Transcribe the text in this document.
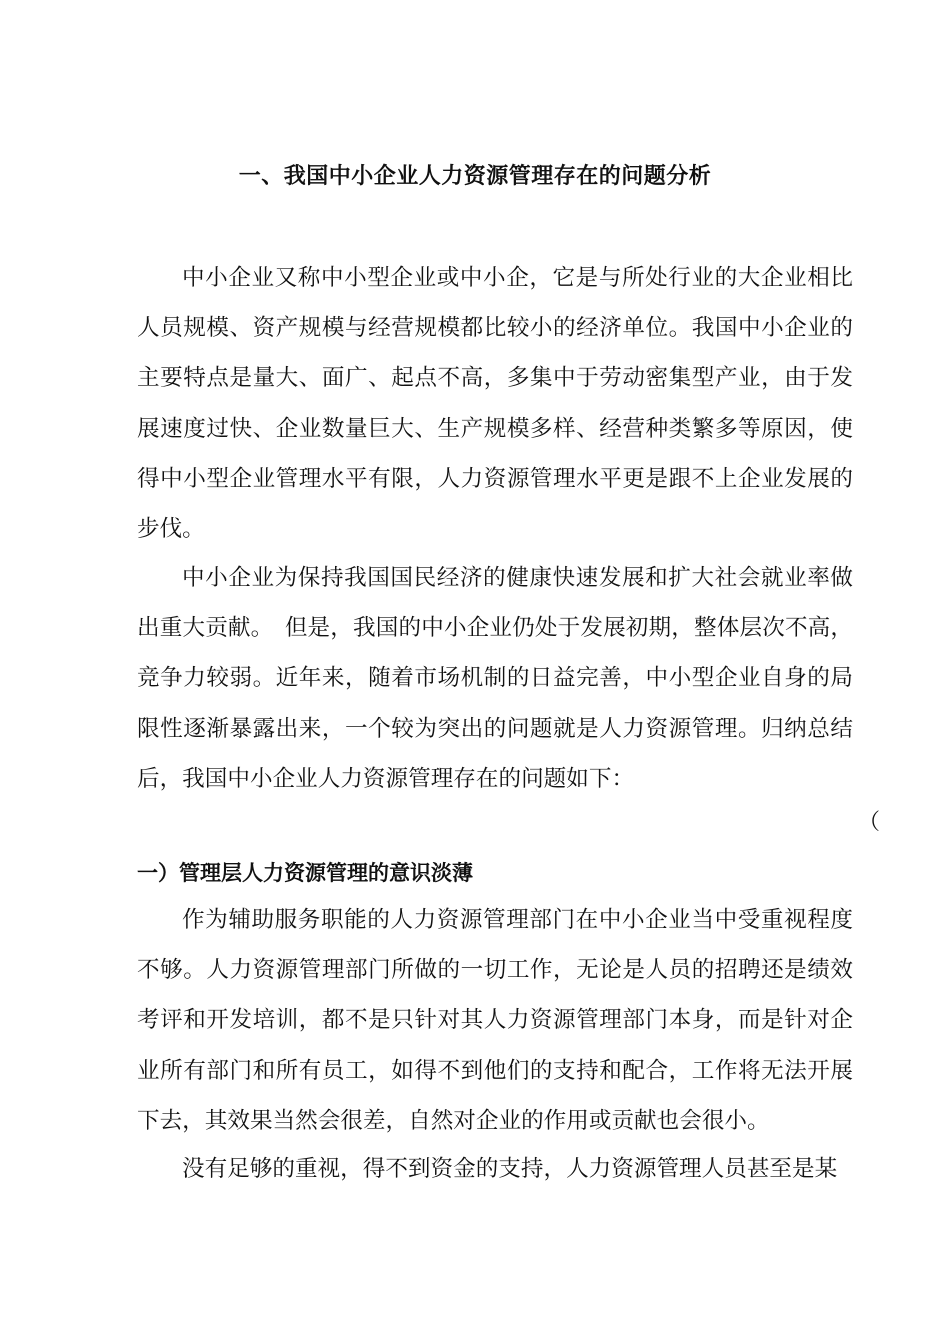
一、我国中小企业人力资源管理存在的问题分析

中小企业又称中小型企业或中小企，它是与所处行业的大企业相比人员规模、资产规模与经营规模都比较小的经济单位。我国中小企业的主要特点是量大、面广、起点不高，多集中于劳动密集型产业，由于发展速度过快、企业数量巨大、生产规模多样、经营种类繁多等原因，使得中小型企业管理水平有限，人力资源管理水平更是跟不上企业发展的步伐。

中小企业为保持我国国民经济的健康快速发展和扩大社会就业率做出重大贡献。　但是，我国的中小企业仍处于发展初期，整体层次不高，竞争力较弱。近年来，随着市场机制的日益完善，中小型企业自身的局限性逐渐暴露出来，一个较为突出的问题就是人力资源管理。归纳总结后，我国中小企业人力资源管理存在的问题如下：

（
一）管理层人力资源管理的意识淡薄

作为辅助服务职能的人力资源管理部门在中小企业当中受重视程度不够。人力资源管理部门所做的一切工作，无论是人员的招聘还是绩效考评和开发培训，都不是只针对其人力资源管理部门本身，而是针对企业所有部门和所有员工，如得不到他们的支持和配合，工作将无法开展下去，其效果当然会很差，自然对企业的作用或贡献也会很小。

没有足够的重视，得不到资金的支持，人力资源管理人员甚至是某
